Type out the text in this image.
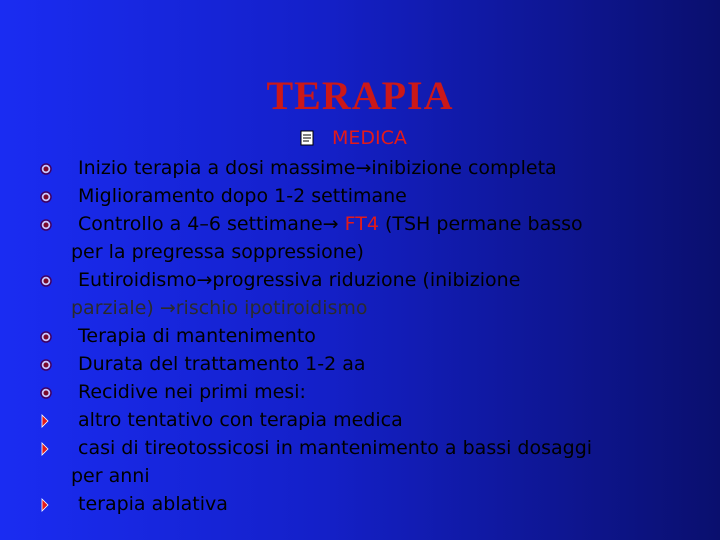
TERAPIA
MEDICA
Inizio terapia a dosi massime→inibizione completa
Miglioramento dopo 1-2 settimane
Controllo a 4–6 settimane→ FT4 (TSH permane basso
per la pregressa soppressione)
Eutiroidismo→progressiva riduzione (inibizione
parziale) →rischio ipotiroidismo
Terapia di mantenimento
Durata del trattamento 1-2 aa
Recidive nei primi mesi:
altro tentativo con terapia medica
casi di tireotossicosi in mantenimento a bassi dosaggi
per anni
terapia ablativa
